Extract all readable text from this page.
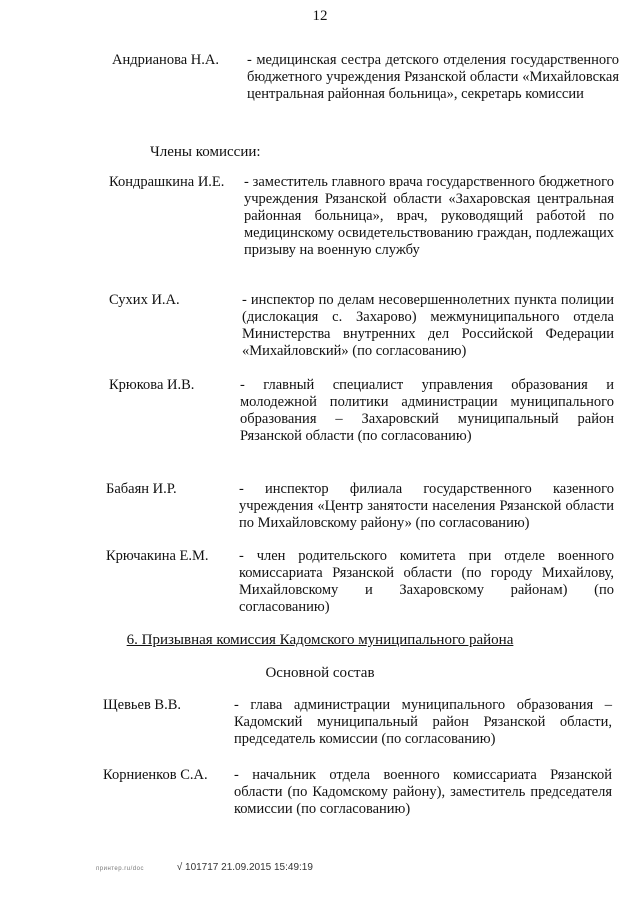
12
Андрианова Н.А. - медицинская сестра детского отделения государственного бюджетного учреждения Рязанской области «Михайловская центральная районная больница», секретарь комиссии
Члены комиссии:
Кондрашкина И.Е. - заместитель главного врача государственного бюджетного учреждения Рязанской области «Захаровская центральная районная больница», врач, руководящий работой по медицинскому освидетельствованию граждан, подлежащих призыву на военную службу
Сухих И.А.	- инспектор по делам несовершеннолетних пункта полиции (дислокация с. Захарово) межмуниципального отдела Министерства внутренних дел Российской Федерации «Михайловский» (по согласованию)
Крюкова И.В.	- главный специалист управления образования и молодежной политики администрации муниципального образования – Захаровский муниципальный район Рязанской области (по согласованию)
Бабаян И.Р.	- инспектор филиала государственного казенного учреждения «Центр занятости населения Рязанской области по Михайловскому району» (по согласованию)
Крючакина Е.М. - член родительского комитета при отделе военного комиссариата Рязанской области (по городу Михайлову, Михайловскому и Захаровскому районам) (по согласованию)
6. Призывная комиссия Кадомского муниципального района
Основной состав
Щевьев В.В.	- глава администрации муниципального образования – Кадомский муниципальный район Рязанской области, председатель комиссии (по согласованию)
Корниенков С.А. - начальник отдела военного комиссариата Рязанской области (по Кадомскому району), заместитель председателя комиссии (по согласованию)
принтер.ru/doc	√ 101717 21.09.2015 15:49:19
